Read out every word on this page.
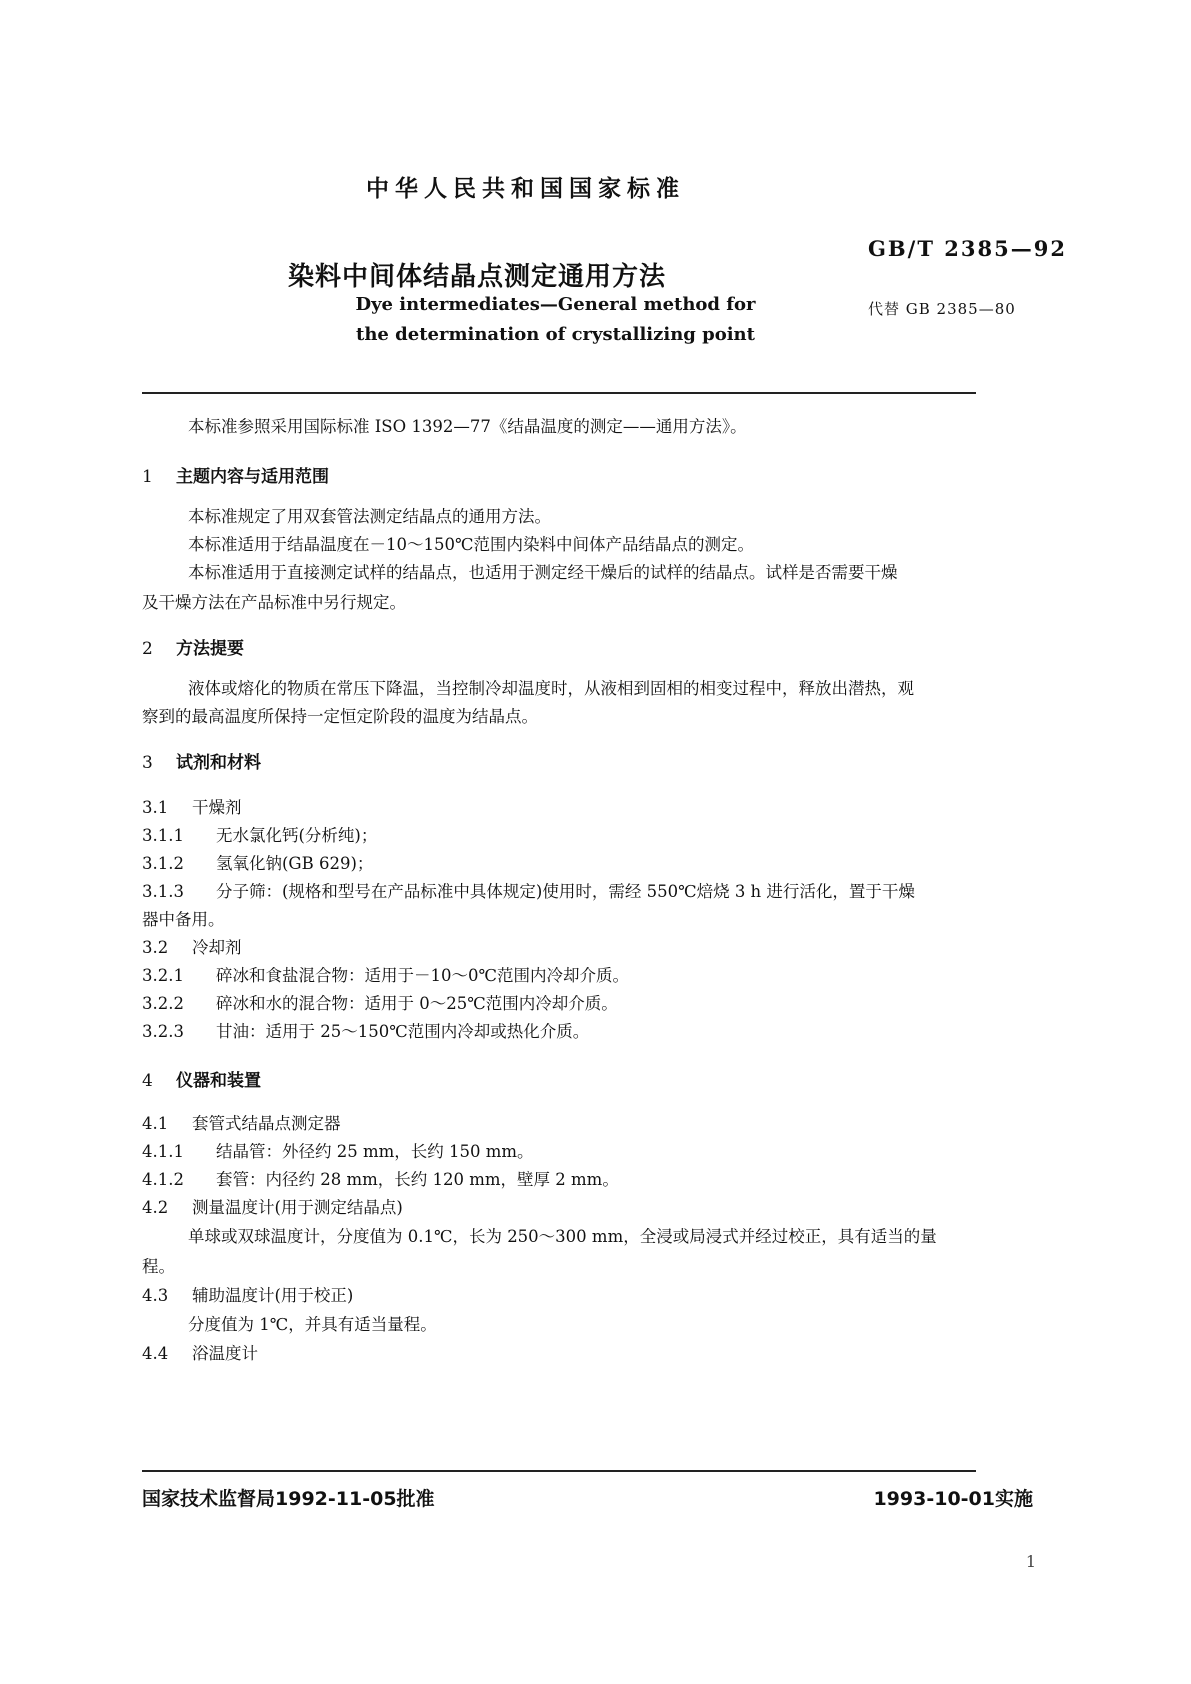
中华人民共和国国家标准
GB/T 2385—92
染料中间体结晶点测定通用方法
代替 GB 2385—80
Dye intermediates—General method for
the determination of crystallizing point
本标准参照采用国际标准 ISO 1392—77《结晶温度的测定——通用方法》。
1 主题内容与适用范围
本标准规定了用双套管法测定结晶点的通用方法。
本标准适用于结晶温度在－10～150℃范围内染料中间体产品结晶点的测定。
本标准适用于直接测定试样的结晶点，也适用于测定经干燥后的试样的结晶点。试样是否需要干燥
及干燥方法在产品标准中另行规定。
2 方法提要
液体或熔化的物质在常压下降温，当控制冷却温度时，从液相到固相的相变过程中，释放出潜热，观
察到的最高温度所保持一定恒定阶段的温度为结晶点。
3 试剂和材料
3.1 干燥剂
3.1.1 无水氯化钙(分析纯)；
3.1.2 氢氧化钠(GB 629)；
3.1.3 分子筛：(规格和型号在产品标准中具体规定)使用时，需经 550℃焙烧 3 h 进行活化，置于干燥
器中备用。
3.2 冷却剂
3.2.1 碎冰和食盐混合物：适用于－10～0℃范围内冷却介质。
3.2.2 碎冰和水的混合物：适用于 0～25℃范围内冷却介质。
3.2.3 甘油：适用于 25～150℃范围内冷却或热化介质。
4 仪器和装置
4.1 套管式结晶点测定器
4.1.1 结晶管：外径约 25 mm，长约 150 mm。
4.1.2 套管：内径约 28 mm，长约 120 mm，壁厚 2 mm。
4.2 测量温度计(用于测定结晶点)
单球或双球温度计，分度值为 0.1℃，长为 250～300 mm，全浸或局浸式并经过校正，具有适当的量
程。
4.3 辅助温度计(用于校正)
分度值为 1℃，并具有适当量程。
4.4 浴温度计
国家技术监督局1992-11-05批准	1993-10-01实施
1
